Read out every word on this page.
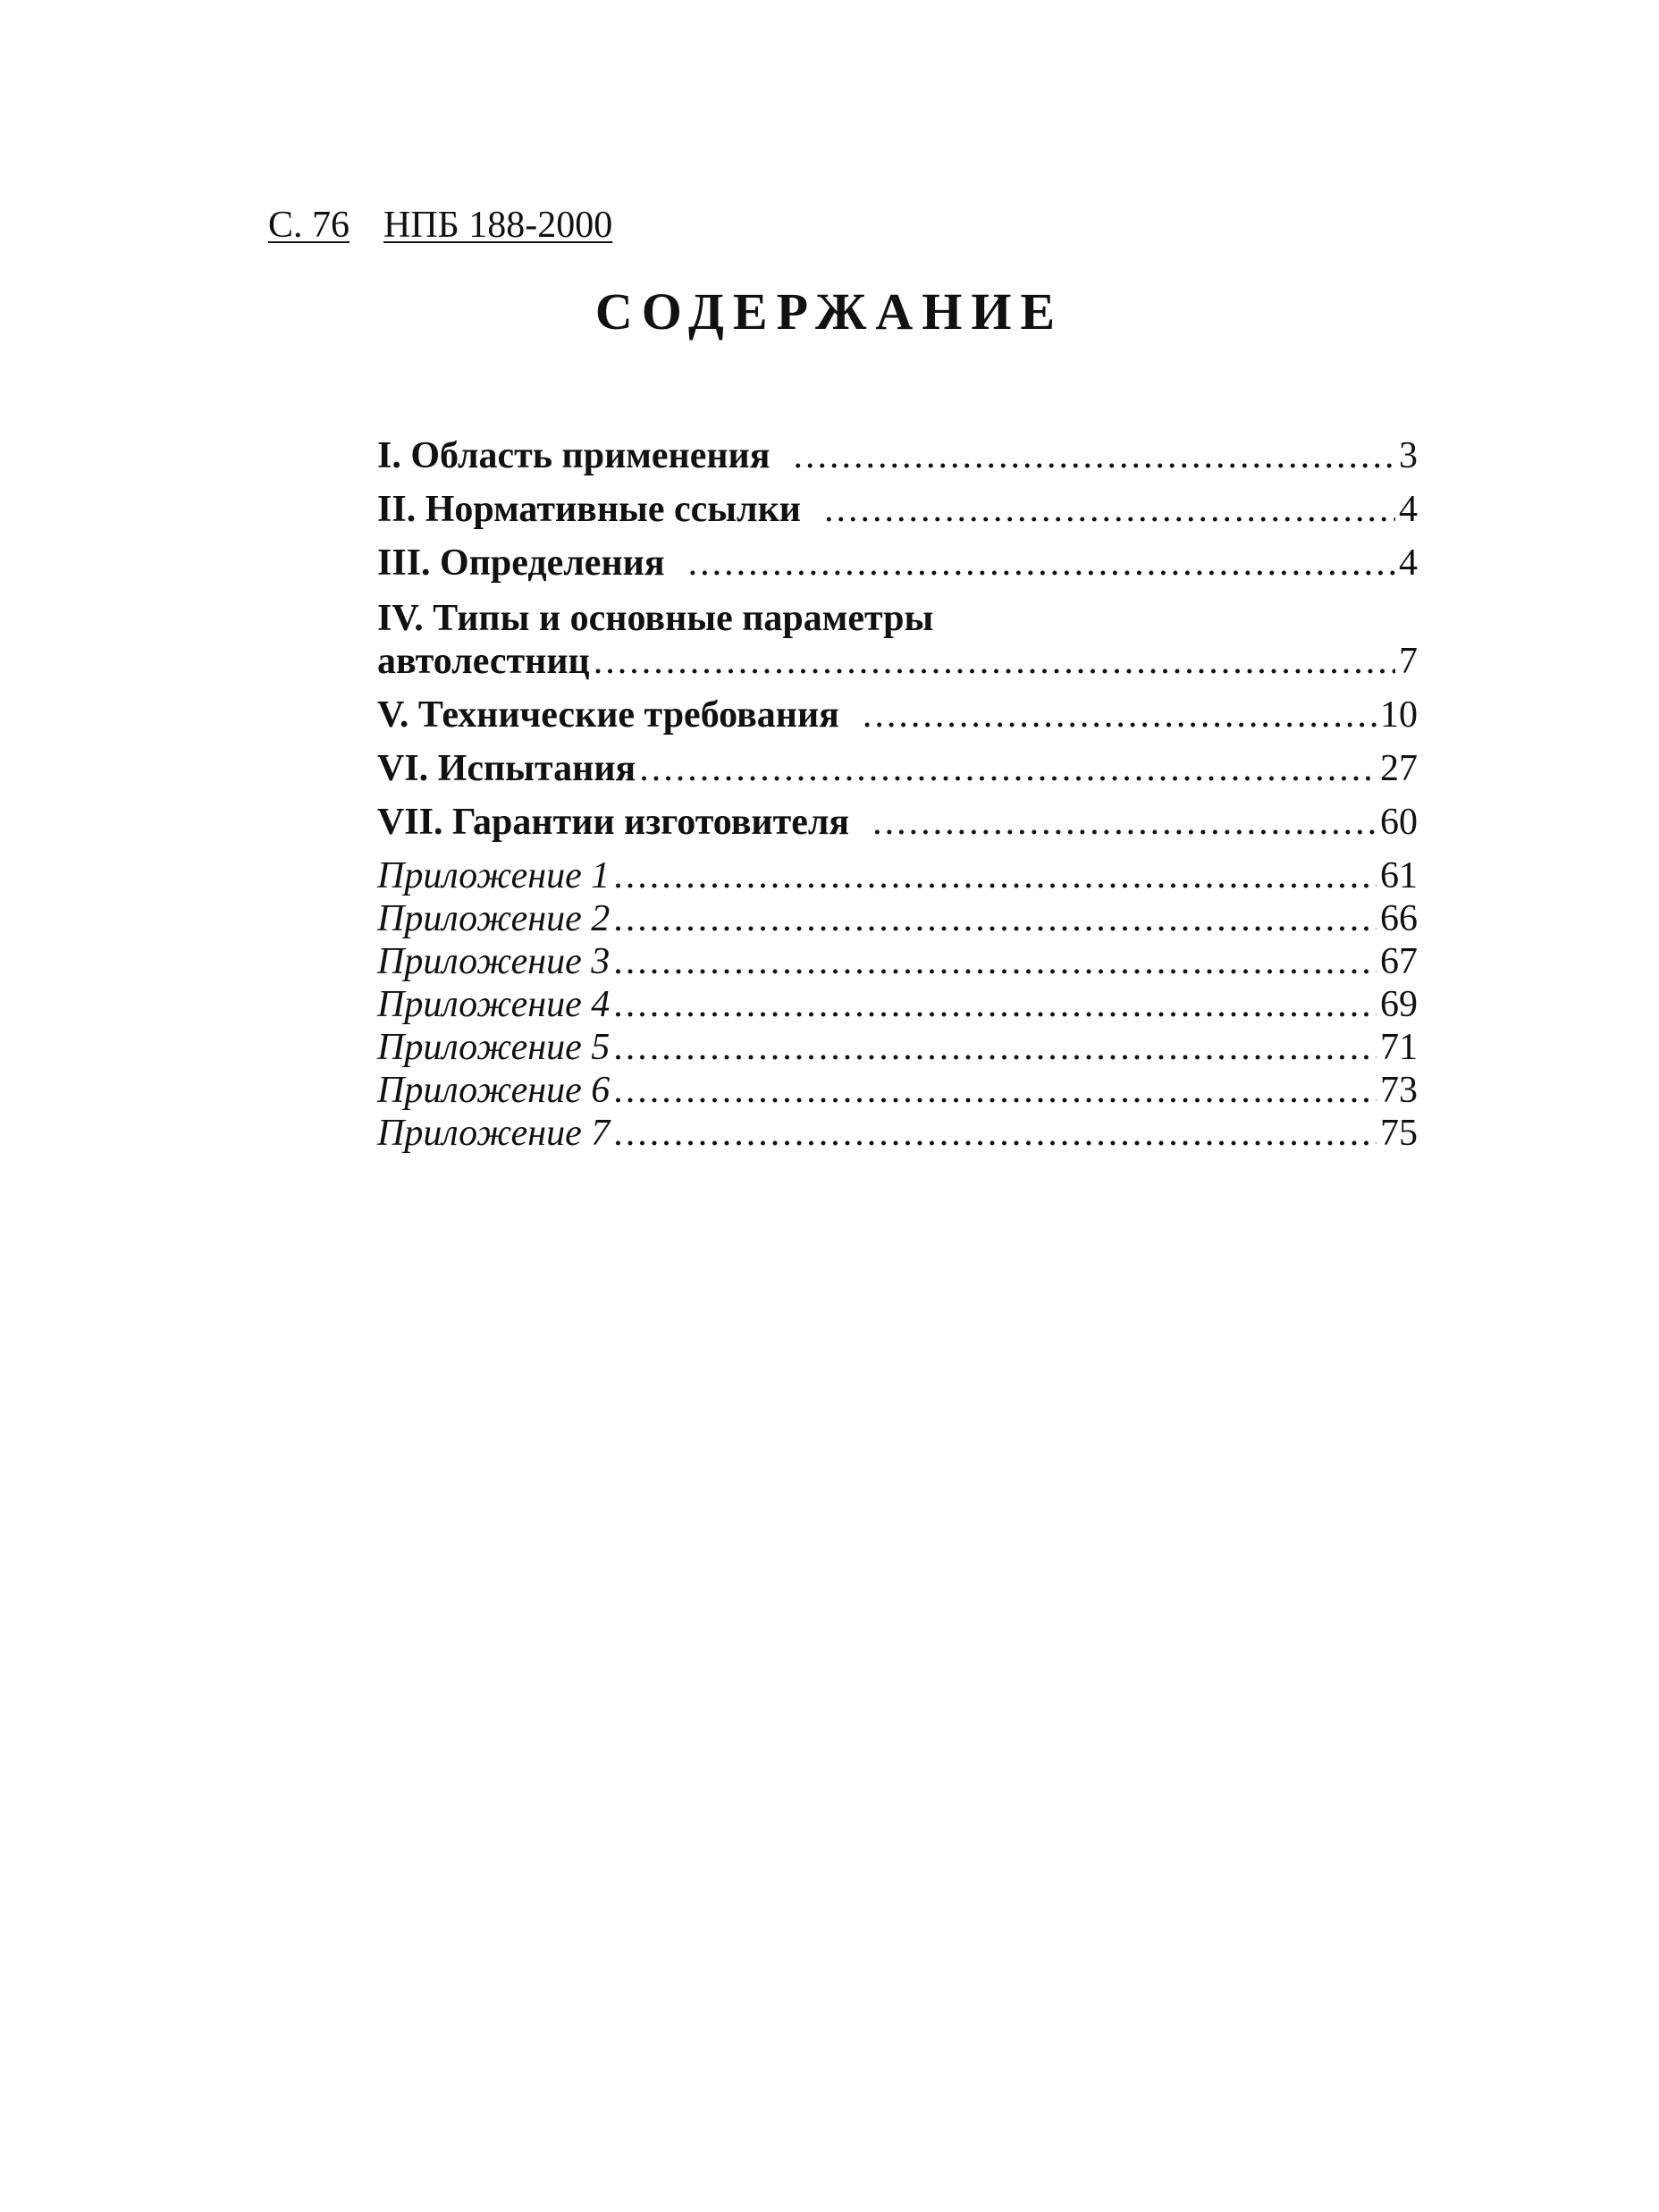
С. 76 НПБ 188-2000
СОДЕРЖАНИЕ
I. Область применения .....	3
II. Нормативные ссылки .....	4
III. Определения .....	4
IV. Типы и основные параметры
автолестниц .....	7
V. Технические требования .....	10
VI. Испытания .....	27
VII. Гарантии изготовителя .....	60
Приложение 1 .....	61
Приложение 2 .....	66
Приложение 3 .....	67
Приложение 4 .....	69
Приложение 5 .....	71
Приложение 6 .....	73
Приложение 7 .....	75
